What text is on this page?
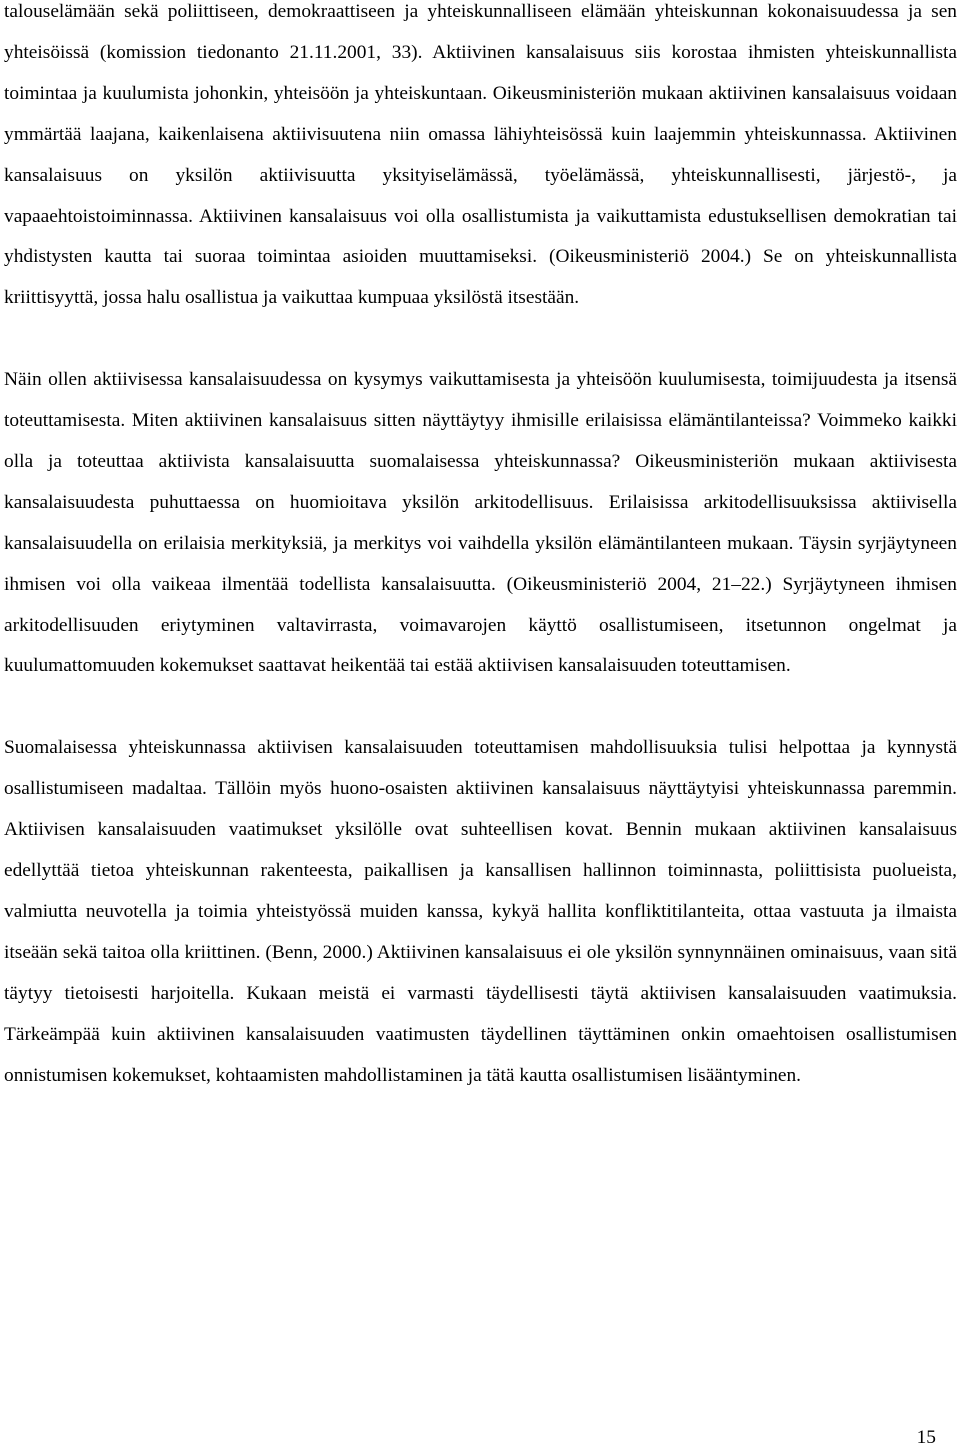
talouselämään sekä poliittiseen, demokraattiseen ja yhteiskunnalliseen elämään yhteiskunnan kokonaisuudessa ja sen yhteisöissä (komission tiedonanto 21.11.2001, 33). Aktiivinen kansalaisuus siis korostaa ihmisten yhteiskunnallista toimintaa ja kuulumista johonkin, yhteisöön ja yhteiskuntaan. Oikeusministeriön mukaan aktiivinen kansalaisuus voidaan ymmärtää laajana, kaikenlaisena aktiivisuutena niin omassa lähiyhteisössä kuin laajemmin yhteiskunnassa. Aktiivinen kansalaisuus on yksilön aktiivisuutta yksityiselämässä, työelämässä, yhteiskunnallisesti, järjestö-, ja vapaaehtoistoiminnassa. Aktiivinen kansalaisuus voi olla osallistumista ja vaikuttamista edustuksellisen demokratian tai yhdistysten kautta tai suoraa toimintaa asioiden muuttamiseksi. (Oikeusministeriö 2004.) Se on yhteiskunnallista kriittisyyttä, jossa halu osallistua ja vaikuttaa kumpuaa yksilöstä itsestään.

Näin ollen aktiivisessa kansalaisuudessa on kysymys vaikuttamisesta ja yhteisöön kuulumisesta, toimijuudesta ja itsensä toteuttamisesta. Miten aktiivinen kansalaisuus sitten näyttäytyy ihmisille erilaisissa elämäntilanteissa? Voimmeko kaikki olla ja toteuttaa aktiivista kansalaisuutta suomalaisessa yhteiskunnassa? Oikeusministeriön mukaan aktiivisesta kansalaisuudesta puhuttaessa on huomioitava yksilön arkitodellisuus. Erilaisissa arkitodellisuuksissa aktiivisella kansalaisuudella on erilaisia merkityksiä, ja merkitys voi vaihdella yksilön elämäntilanteen mukaan. Täysin syrjäytyneen ihmisen voi olla vaikeaa ilmentää todellista kansalaisuutta. (Oikeusministeriö 2004, 21–22.) Syrjäytyneen ihmisen arkitodellisuuden eriytyminen valtavirrasta, voimavarojen käyttö osallistumiseen, itsetunnon ongelmat ja kuulumattomuuden kokemukset saattavat heikentää tai estää aktiivisen kansalaisuuden toteuttamisen.

Suomalaisessa yhteiskunnassa aktiivisen kansalaisuuden toteuttamisen mahdollisuuksia tulisi helpottaa ja kynnystä osallistumiseen madaltaa. Tällöin myös huono-osaisten aktiivinen kansalaisuus näyttäytyisi yhteiskunnassa paremmin. Aktiivisen kansalaisuuden vaatimukset yksilölle ovat suhteellisen kovat. Bennin mukaan aktiivinen kansalaisuus edellyttää tietoa yhteiskunnan rakenteesta, paikallisen ja kansallisen hallinnon toiminnasta, poliittisista puolueista, valmiutta neuvotella ja toimia yhteistyössä muiden kanssa, kykyä hallita konfliktitilanteita, ottaa vastuuta ja ilmaista itseään sekä taitoa olla kriittinen. (Benn, 2000.) Aktiivinen kansalaisuus ei ole yksilön synnynnäinen ominaisuus, vaan sitä täytyy tietoisesti harjoitella. Kukaan meistä ei varmasti täydellisesti täytä aktiivisen kansalaisuuden vaatimuksia. Tärkeämpää kuin aktiivinen kansalaisuuden vaatimusten täydellinen täyttäminen onkin omaehtoisen osallistumisen onnistumisen kokemukset, kohtaamisten mahdollistaminen ja tätä kautta osallistumisen lisääntyminen.

15
